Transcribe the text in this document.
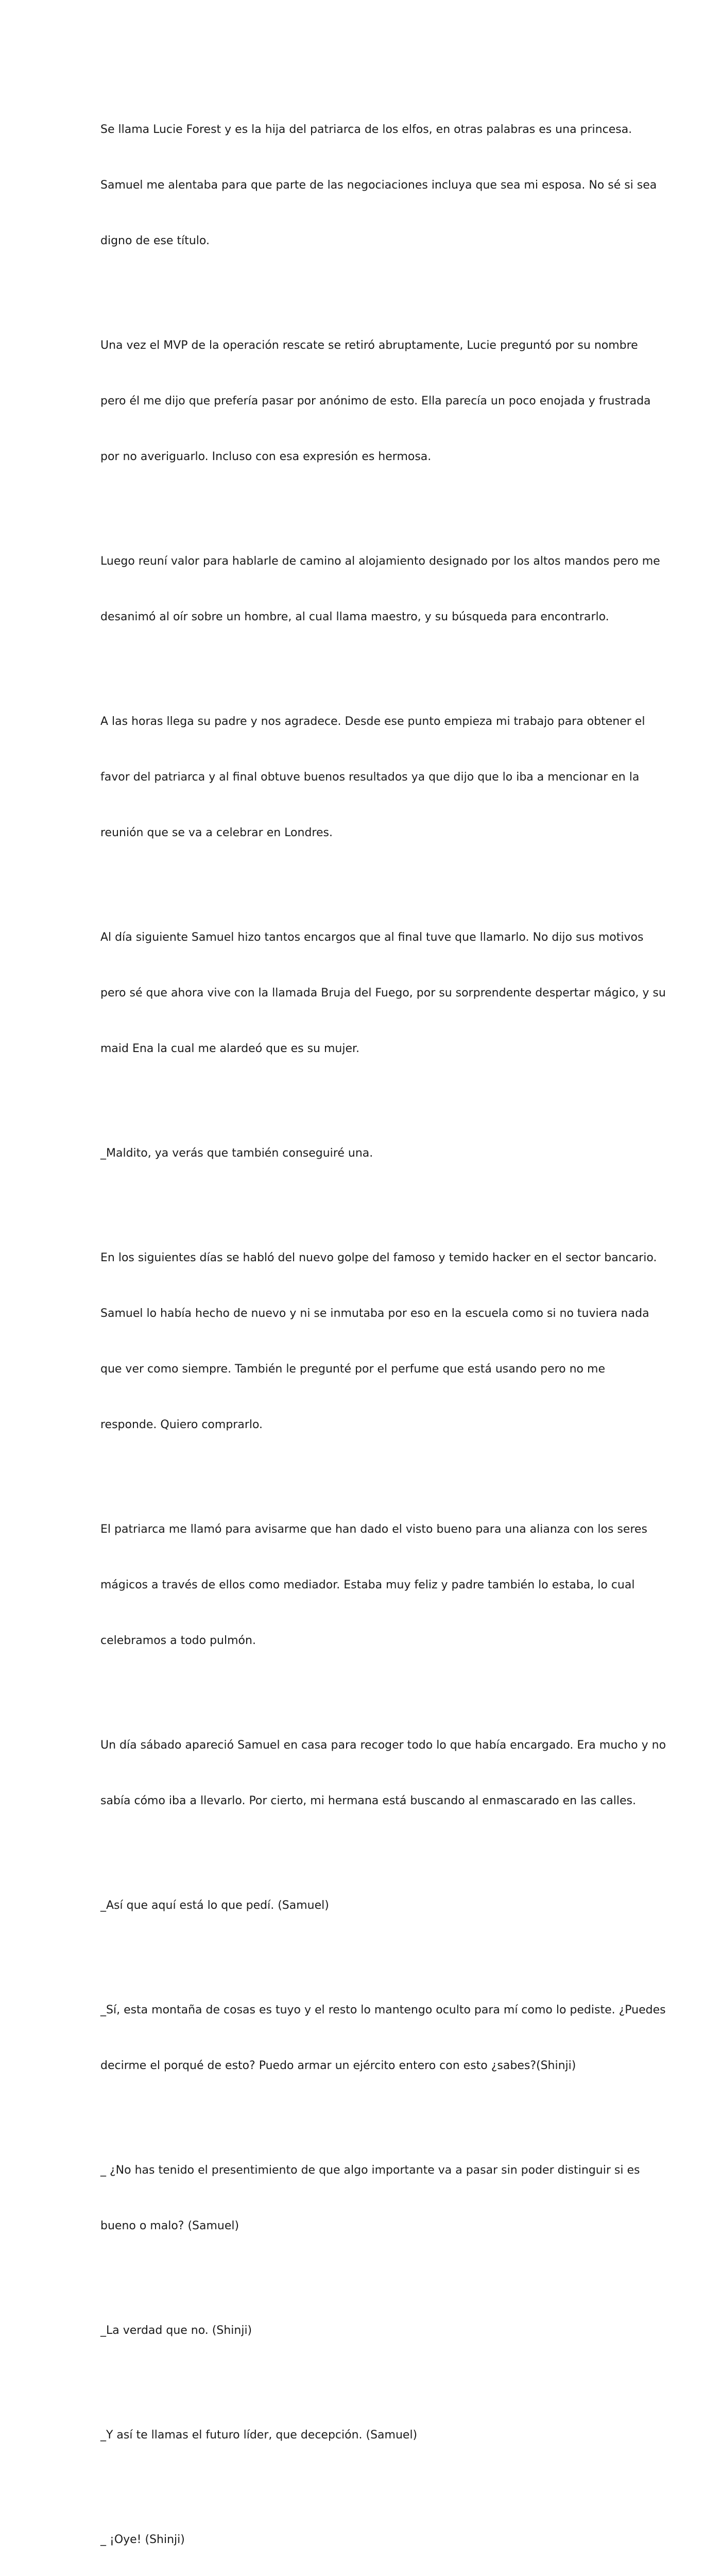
Se llama Lucie Forest y es la hija del patriarca de los elfos, en otras palabras es una princesa.

Samuel me alentaba para que parte de las negociaciones incluya que sea mi esposa. No sé si sea

digno de ese título.

Una vez el MVP de la operación rescate se retiró abruptamente, Lucie preguntó por su nombre

pero él me dijo que prefería pasar por anónimo de esto. Ella parecía un poco enojada y frustrada

por no averiguarlo. Incluso con esa expresión es hermosa.

Luego reuní valor para hablarle de camino al alojamiento designado por los altos mandos pero me

desanimó al oír sobre un hombre, al cual llama maestro, y su búsqueda para encontrarlo.

A las horas llega su padre y nos agradece. Desde ese punto empieza mi trabajo para obtener el

favor del patriarca y al final obtuve buenos resultados ya que dijo que lo iba a mencionar en la

reunión que se va a celebrar en Londres.

Al día siguiente Samuel hizo tantos encargos que al final tuve que llamarlo. No dijo sus motivos

pero sé que ahora vive con la llamada Bruja del Fuego, por su sorprendente despertar mágico, y su

maid Ena la cual me alardeó que es su mujer.

_Maldito, ya verás que también conseguiré una.

En los siguientes días se habló del nuevo golpe del famoso y temido hacker en el sector bancario.

Samuel lo había hecho de nuevo y ni se inmutaba por eso en la escuela como si no tuviera nada

que ver como siempre. También le pregunté por el perfume que está usando pero no me

responde. Quiero comprarlo.

El patriarca me llamó para avisarme que han dado el visto bueno para una alianza con los seres

mágicos a través de ellos como mediador. Estaba muy feliz y padre también lo estaba, lo cual

celebramos a todo pulmón.

Un día sábado apareció Samuel en casa para recoger todo lo que había encargado. Era mucho y no

sabía cómo iba a llevarlo. Por cierto, mi hermana está buscando al enmascarado en las calles.

_Así que aquí está lo que pedí. (Samuel)

_Sí, esta montaña de cosas es tuyo y el resto lo mantengo oculto para mí como lo pediste. ¿Puedes

decirme el porqué de esto? Puedo armar un ejército entero con esto ¿sabes?(Shinji)

_ ¿No has tenido el presentimiento de que algo importante va a pasar sin poder distinguir si es

bueno o malo? (Samuel)

_La verdad que no. (Shinji)

_Y así te llamas el futuro líder, que decepción. (Samuel)

_ ¡Oye! (Shinji)
